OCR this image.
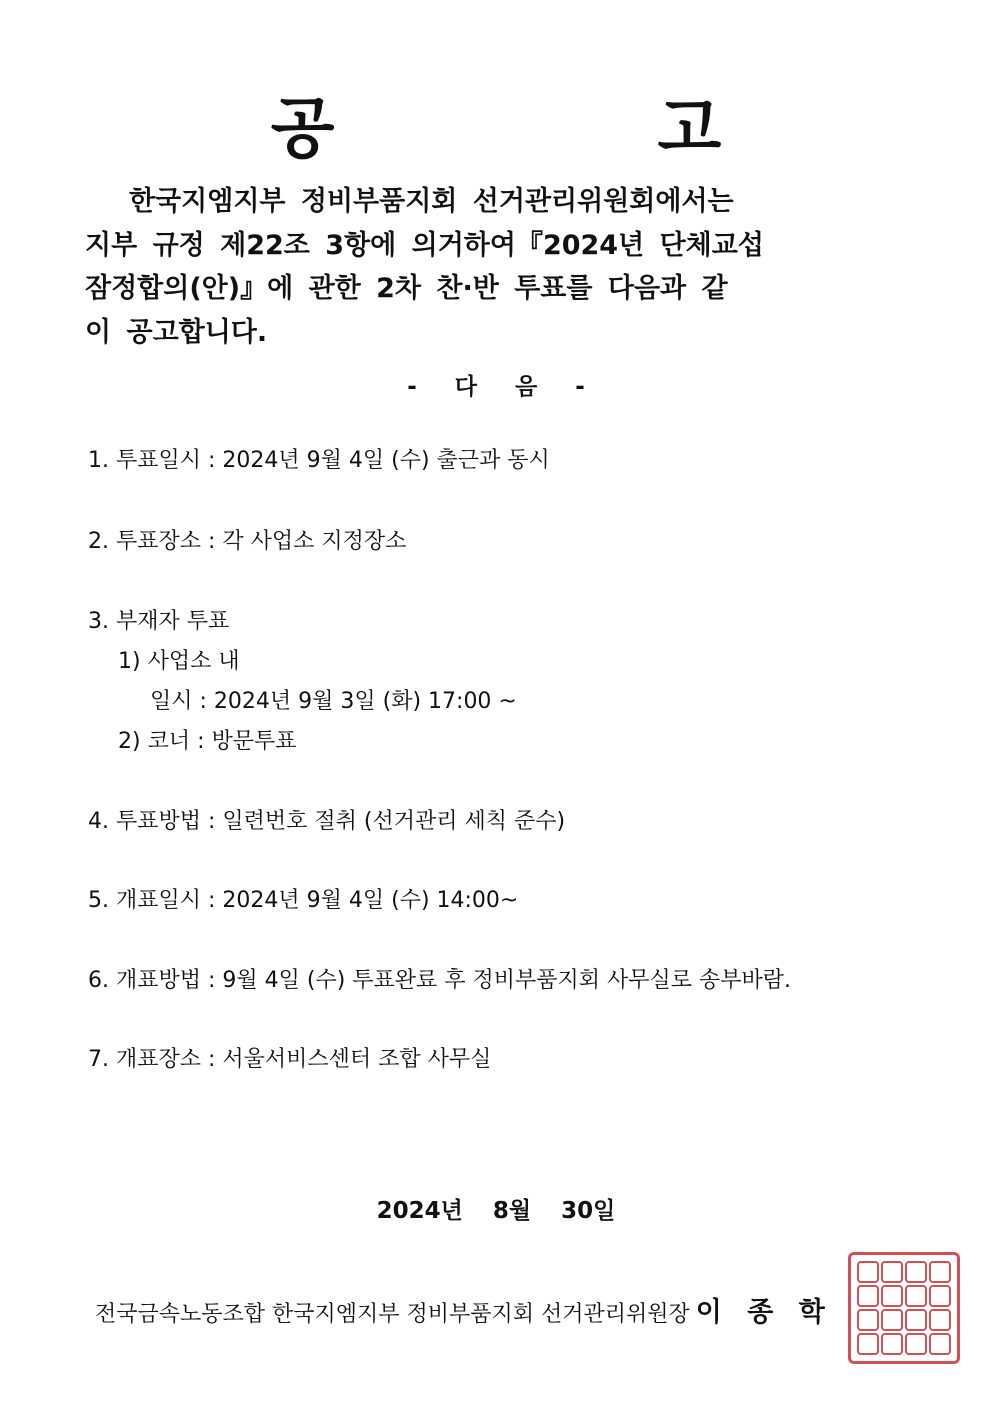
공 고
한국지엠지부 정비부품지회 선거관리위원회에서는
지부 규정 제22조 3항에 의거하여『2024년 단체교섭
잠정합의(안)』에 관한 2차 찬·반 투표를 다음과 같
이 공고합니다.
- 다 음 -
1. 투표일시 : 2024년 9월 4일 (수) 출근과 동시
2. 투표장소 : 각 사업소 지정장소
3. 부재자 투표
1) 사업소 내
일시 : 2024년 9월 3일 (화) 17:00 ~
2) 코너 : 방문투표
4. 투표방법 : 일련번호 절취 (선거관리 세칙 준수)
5. 개표일시 : 2024년 9월 4일 (수) 14:00~
6. 개표방법 : 9월 4일 (수) 투표완료 후 정비부품지회 사무실로 송부바람.
7. 개표장소 : 서울서비스센터 조합 사무실
2024년 8월 30일
전국금속노동조합 한국지엠지부 정비부품지회 선거관리위원장 이 종 학
